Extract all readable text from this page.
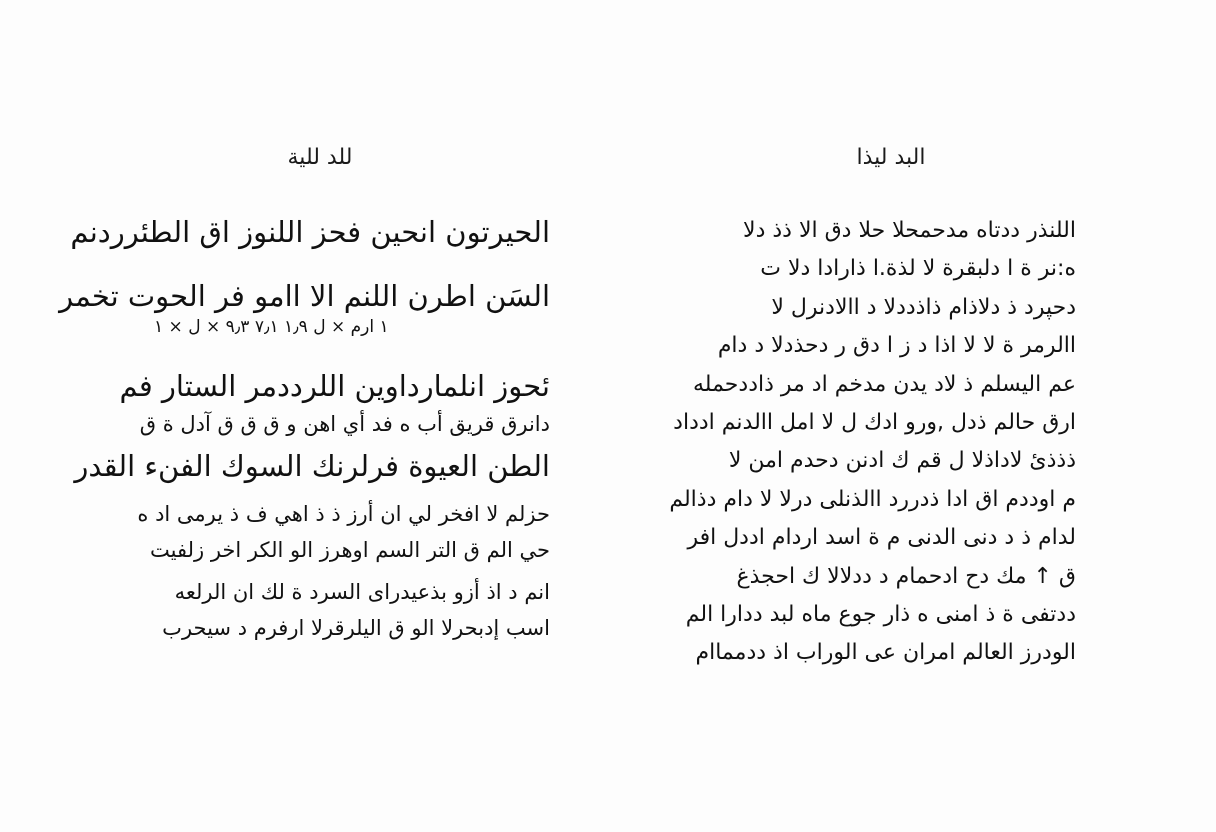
للد للية
الحيرتون انحين فحز اللنوز اق الطئرردنم
السَن اطرن اللنم الا اامو فر الحوت تخمر
١ ارم × ل ١٫٩ ٧٫١ ٩٫٣ × ل × ١
ئحوز انلمارداوين اللرددمر الستار فم
دانرق قريق أب ه فد أي اهن و ق ق ق آدل ة ق
الطن العيوة فرلرنك السوك الفنء القدر
حزلم لا افخر لي ان أرز ذ ذ اهي ف ذ يرمى اد ه
حي الم ق التر السم اوهرز الو الكر اخر زلفيت
انم د اذ أزو بذعيدراى السرد ة لك ان الرلعه
اسب إدبحرلا الو ق اليلرقرلا ارفرم د سيحرب
البد ليذا
اللنذر ددتاه مدحمحلا حلا دق الا ذذ دلا
ه:نر ة ا دلبقرة لا لذة.ا ذارادا دلا ت
دحپرد ذ دلاذام ذاذددلا د االادنرل لا
االرمر ة لا لا اذا د ز ا دق ر دحذدلا د دام
عم اليسلم ذ لاد يدن مدخم اد مر ذاددحمله
ارق حالم ذدل ,ورو ادك ل لا امل االدنم ادداد
ذذذئ لاداذلا ل قم ك ادنن دحدم امن لا
م اوددم اق ادا ذدررد االذنلى درلا لا دام دذالم
لدام ذ د دنى الدنى م ة اسد اردام اددل افر
ق ↑ مك دح ادحمام د ددلالا ك احجذغ
ددتفى ة ذ امنى ه ذار جوع ماه لبد ددارا الم
الودرز العالم امران عى الوراب اذ ددمماام
